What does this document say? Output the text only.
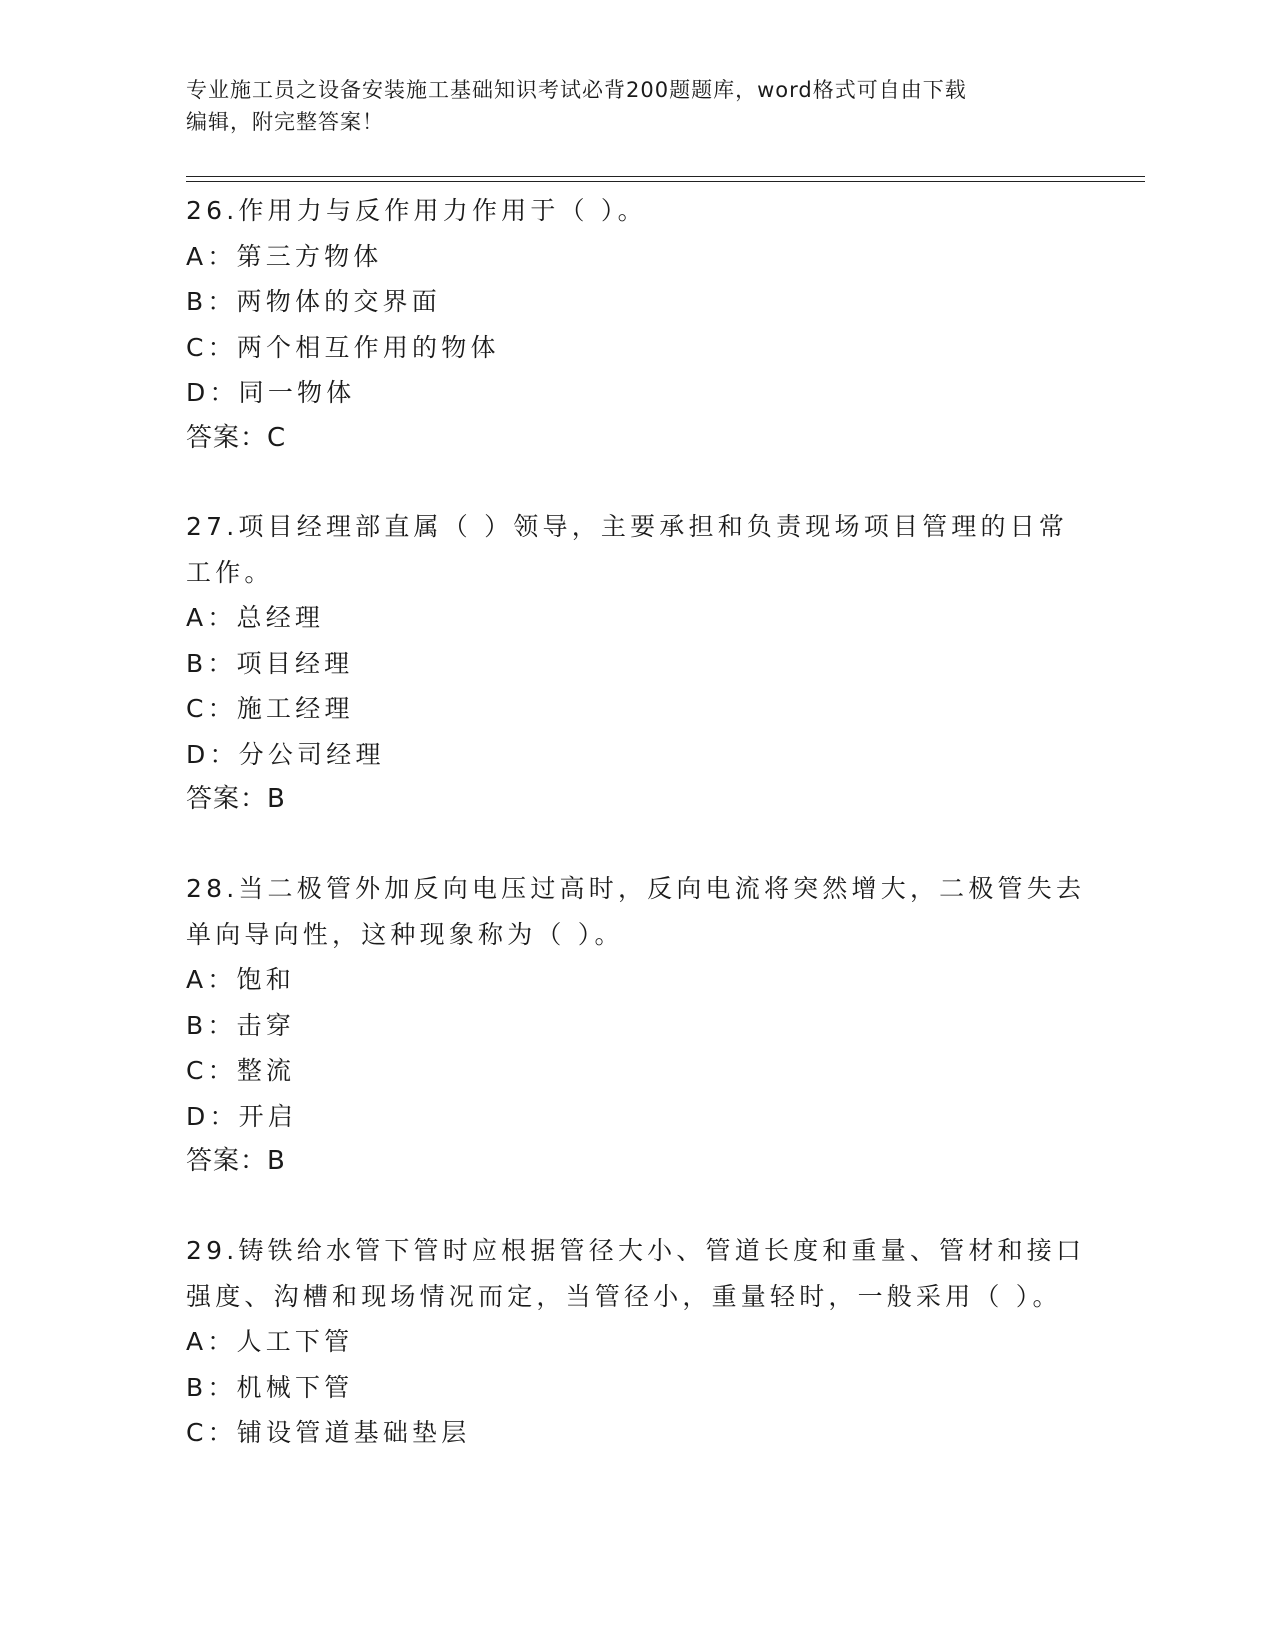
专业施工员之设备安装施工基础知识考试必背200题题库，word格式可自由下载
编辑，附完整答案！
26.作用力与反作用力作用于（ ）。
A：第三方物体
B：两物体的交界面
C：两个相互作用的物体
D：同一物体
答案：C
27.项目经理部直属（ ）领导，主要承担和负责现场项目管理的日常
工作。
A：总经理
B：项目经理
C：施工经理
D：分公司经理
答案：B
28.当二极管外加反向电压过高时，反向电流将突然增大，二极管失去
单向导向性，这种现象称为（ ）。
A：饱和
B：击穿
C：整流
D：开启
答案：B
29.铸铁给水管下管时应根据管径大小、管道长度和重量、管材和接口
强度、沟槽和现场情况而定，当管径小，重量轻时，一般采用（ ）。
A：人工下管
B：机械下管
C：铺设管道基础垫层
